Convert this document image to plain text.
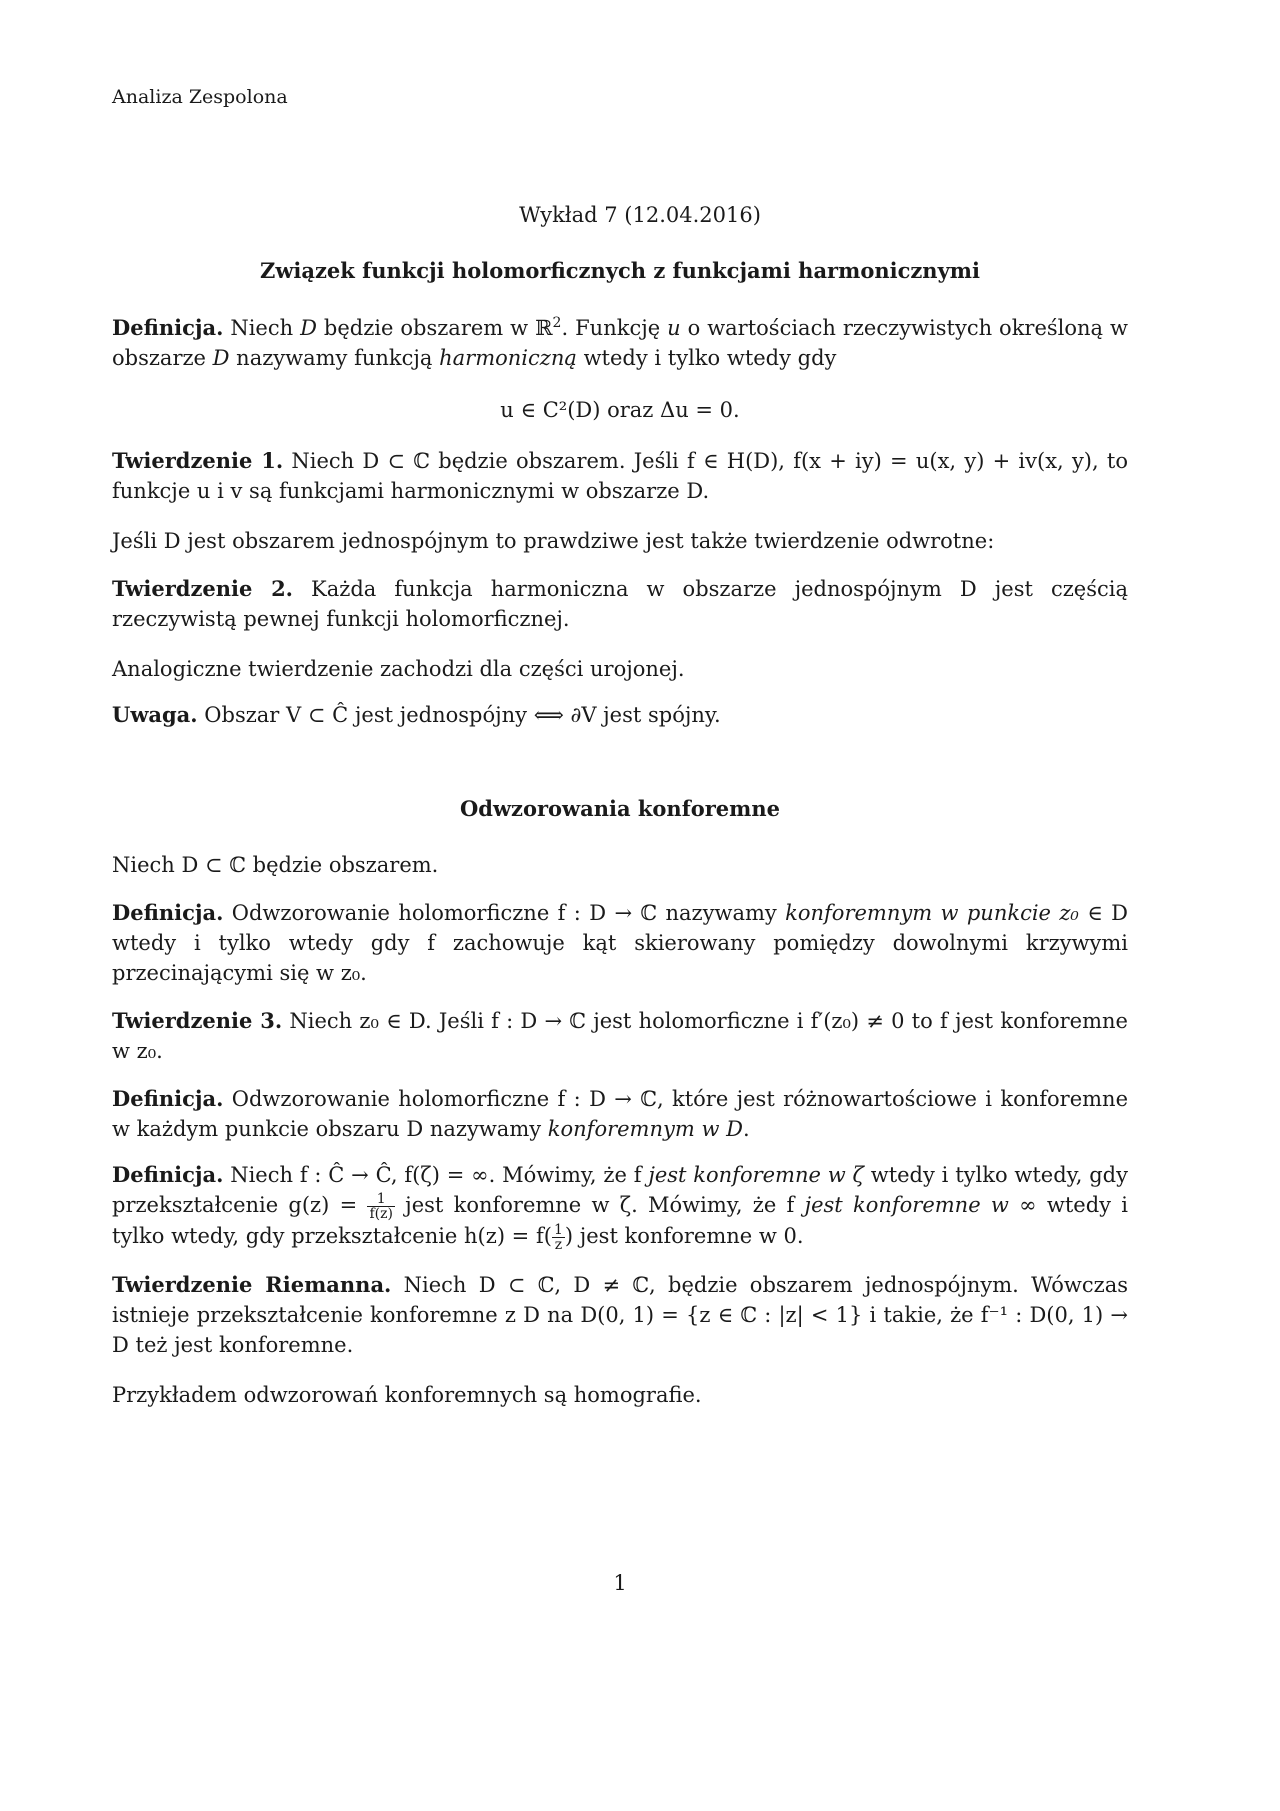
Analiza Zespolona
Wykład 7 (12.04.2016)
Związek funkcji holomorficznych z funkcjami harmonicznymi
Definicja. Niech D będzie obszarem w ℝ$^2$. Funkcję u o wartościach rzeczywistych określoną w obszarze D nazywamy funkcją harmoniczną wtedy i tylko wtedy gdy
u ∈ C²(D) oraz Δu = 0.
Twierdzenie 1. Niech D ⊂ ℂ będzie obszarem. Jeśli f ∈ H(D), f(x + iy) = u(x, y) + iv(x, y), to funkcje u i v są funkcjami harmonicznymi w obszarze D.
Jeśli D jest obszarem jednospójnym to prawdziwe jest także twierdzenie odwrotne:
Twierdzenie 2. Każda funkcja harmoniczna w obszarze jednospójnym D jest częścią rzeczywistą pewnej funkcji holomorficznej.
Analogiczne twierdzenie zachodzi dla części urojonej.
Uwaga. Obszar V ⊂ Ĉ jest jednospójny ⟺ ∂V jest spójny.
Odwzorowania konforemne
Niech D ⊂ ℂ będzie obszarem.
Definicja. Odwzorowanie holomorficzne f : D → ℂ nazywamy konforemnym w punkcie z₀ ∈ D wtedy i tylko wtedy gdy f zachowuje kąt skierowany pomiędzy dowolnymi krzywymi przecinającymi się w z₀.
Twierdzenie 3. Niech z₀ ∈ D. Jeśli f : D → ℂ jest holomorficzne i f′(z₀) ≠ 0 to f jest konforemne w z₀.
Definicja. Odwzorowanie holomorficzne f : D → ℂ, które jest różnowartościowe i konforemne w każdym punkcie obszaru D nazywamy konforemnym w D.
Definicja. Niech f : Ĉ → Ĉ, f(ζ) = ∞. Mówimy, że f jest konforemne w ζ wtedy i tylko wtedy, gdy przekształcenie $g(z) = \frac{1}{f(z)}$ jest konforemne w ζ. Mówimy, że f jest konforemne w ∞ wtedy i tylko wtedy, gdy przekształcenie $h(z) = f( \frac{1}{z}$ ) jest konforemne w 0.
Twierdzenie Riemanna. Niech D ⊂ ℂ, D ≠ ℂ, będzie obszarem jednospójnym. Wówczas istnieje przekształcenie konforemne z D na D(0, 1) = {z ∈ ℂ : |z| < 1} i takie, że f⁻¹ : D(0, 1) → D też jest konforemne.
Przykładem odwzorowań konforemnych są homografie.
1
